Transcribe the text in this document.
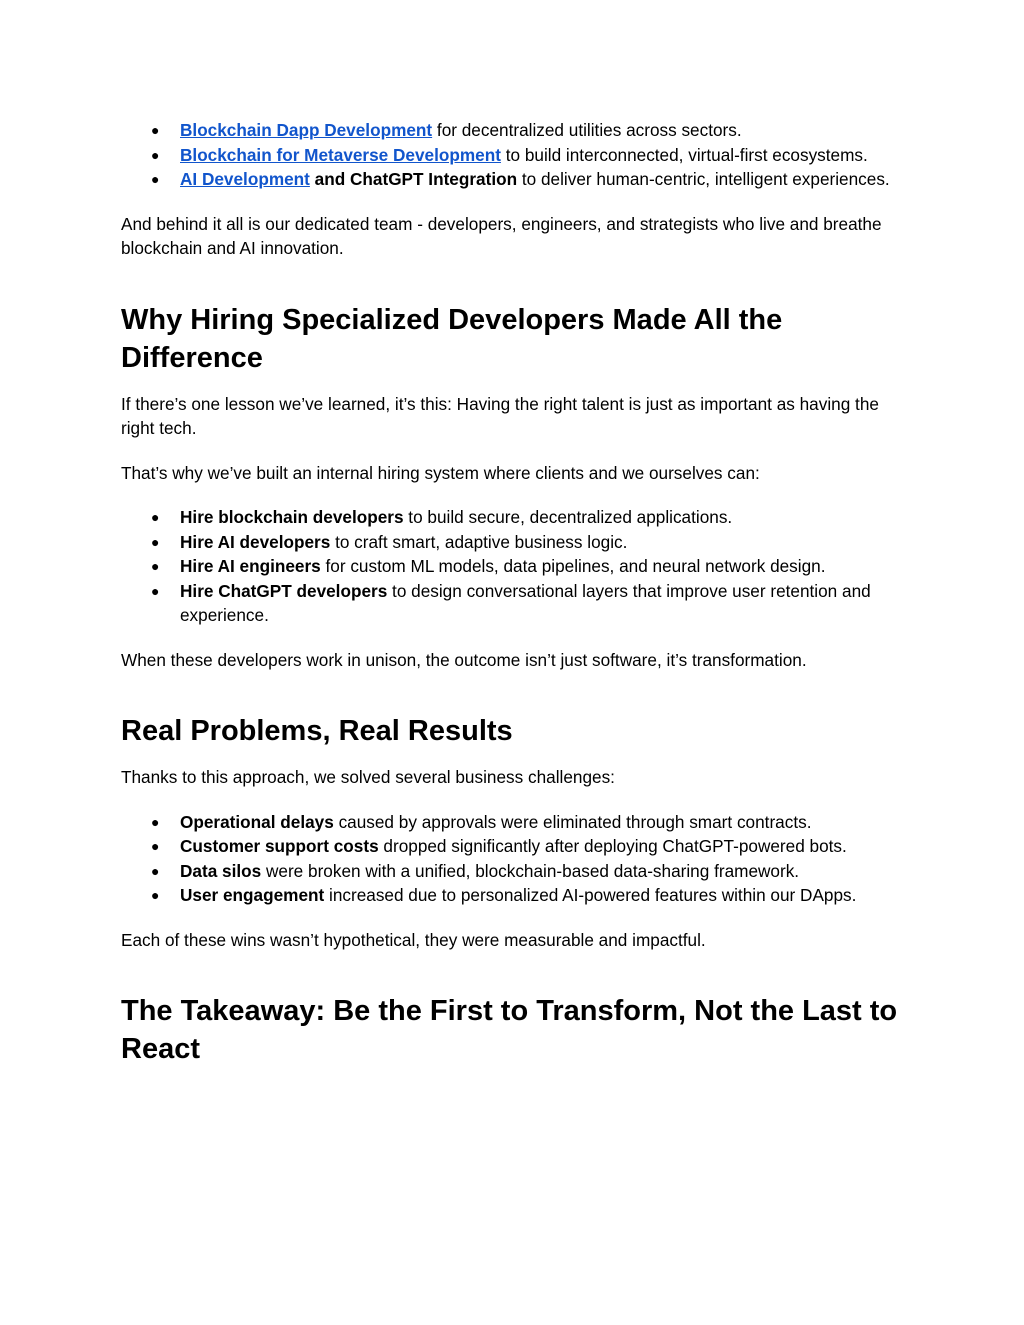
● Blockchain Dapp Development for decentralized utilities across sectors.
● Blockchain for Metaverse Development to build interconnected, virtual-first ecosystems.
● AI Development and ChatGPT Integration to deliver human-centric, intelligent experiences.

And behind it all is our dedicated team - developers, engineers, and strategists who live and breathe blockchain and AI innovation.

Why Hiring Specialized Developers Made All the Difference

If there’s one lesson we’ve learned, it’s this: Having the right talent is just as important as having the right tech.

That’s why we’ve built an internal hiring system where clients and we ourselves can:

● Hire blockchain developers to build secure, decentralized applications.
● Hire AI developers to craft smart, adaptive business logic.
● Hire AI engineers for custom ML models, data pipelines, and neural network design.
● Hire ChatGPT developers to design conversational layers that improve user retention and experience.

When these developers work in unison, the outcome isn’t just software, it’s transformation.

Real Problems, Real Results

Thanks to this approach, we solved several business challenges:

● Operational delays caused by approvals were eliminated through smart contracts.
● Customer support costs dropped significantly after deploying ChatGPT-powered bots.
● Data silos were broken with a unified, blockchain-based data-sharing framework.
● User engagement increased due to personalized AI-powered features within our DApps.

Each of these wins wasn’t hypothetical, they were measurable and impactful.

The Takeaway: Be the First to Transform, Not the Last to React
